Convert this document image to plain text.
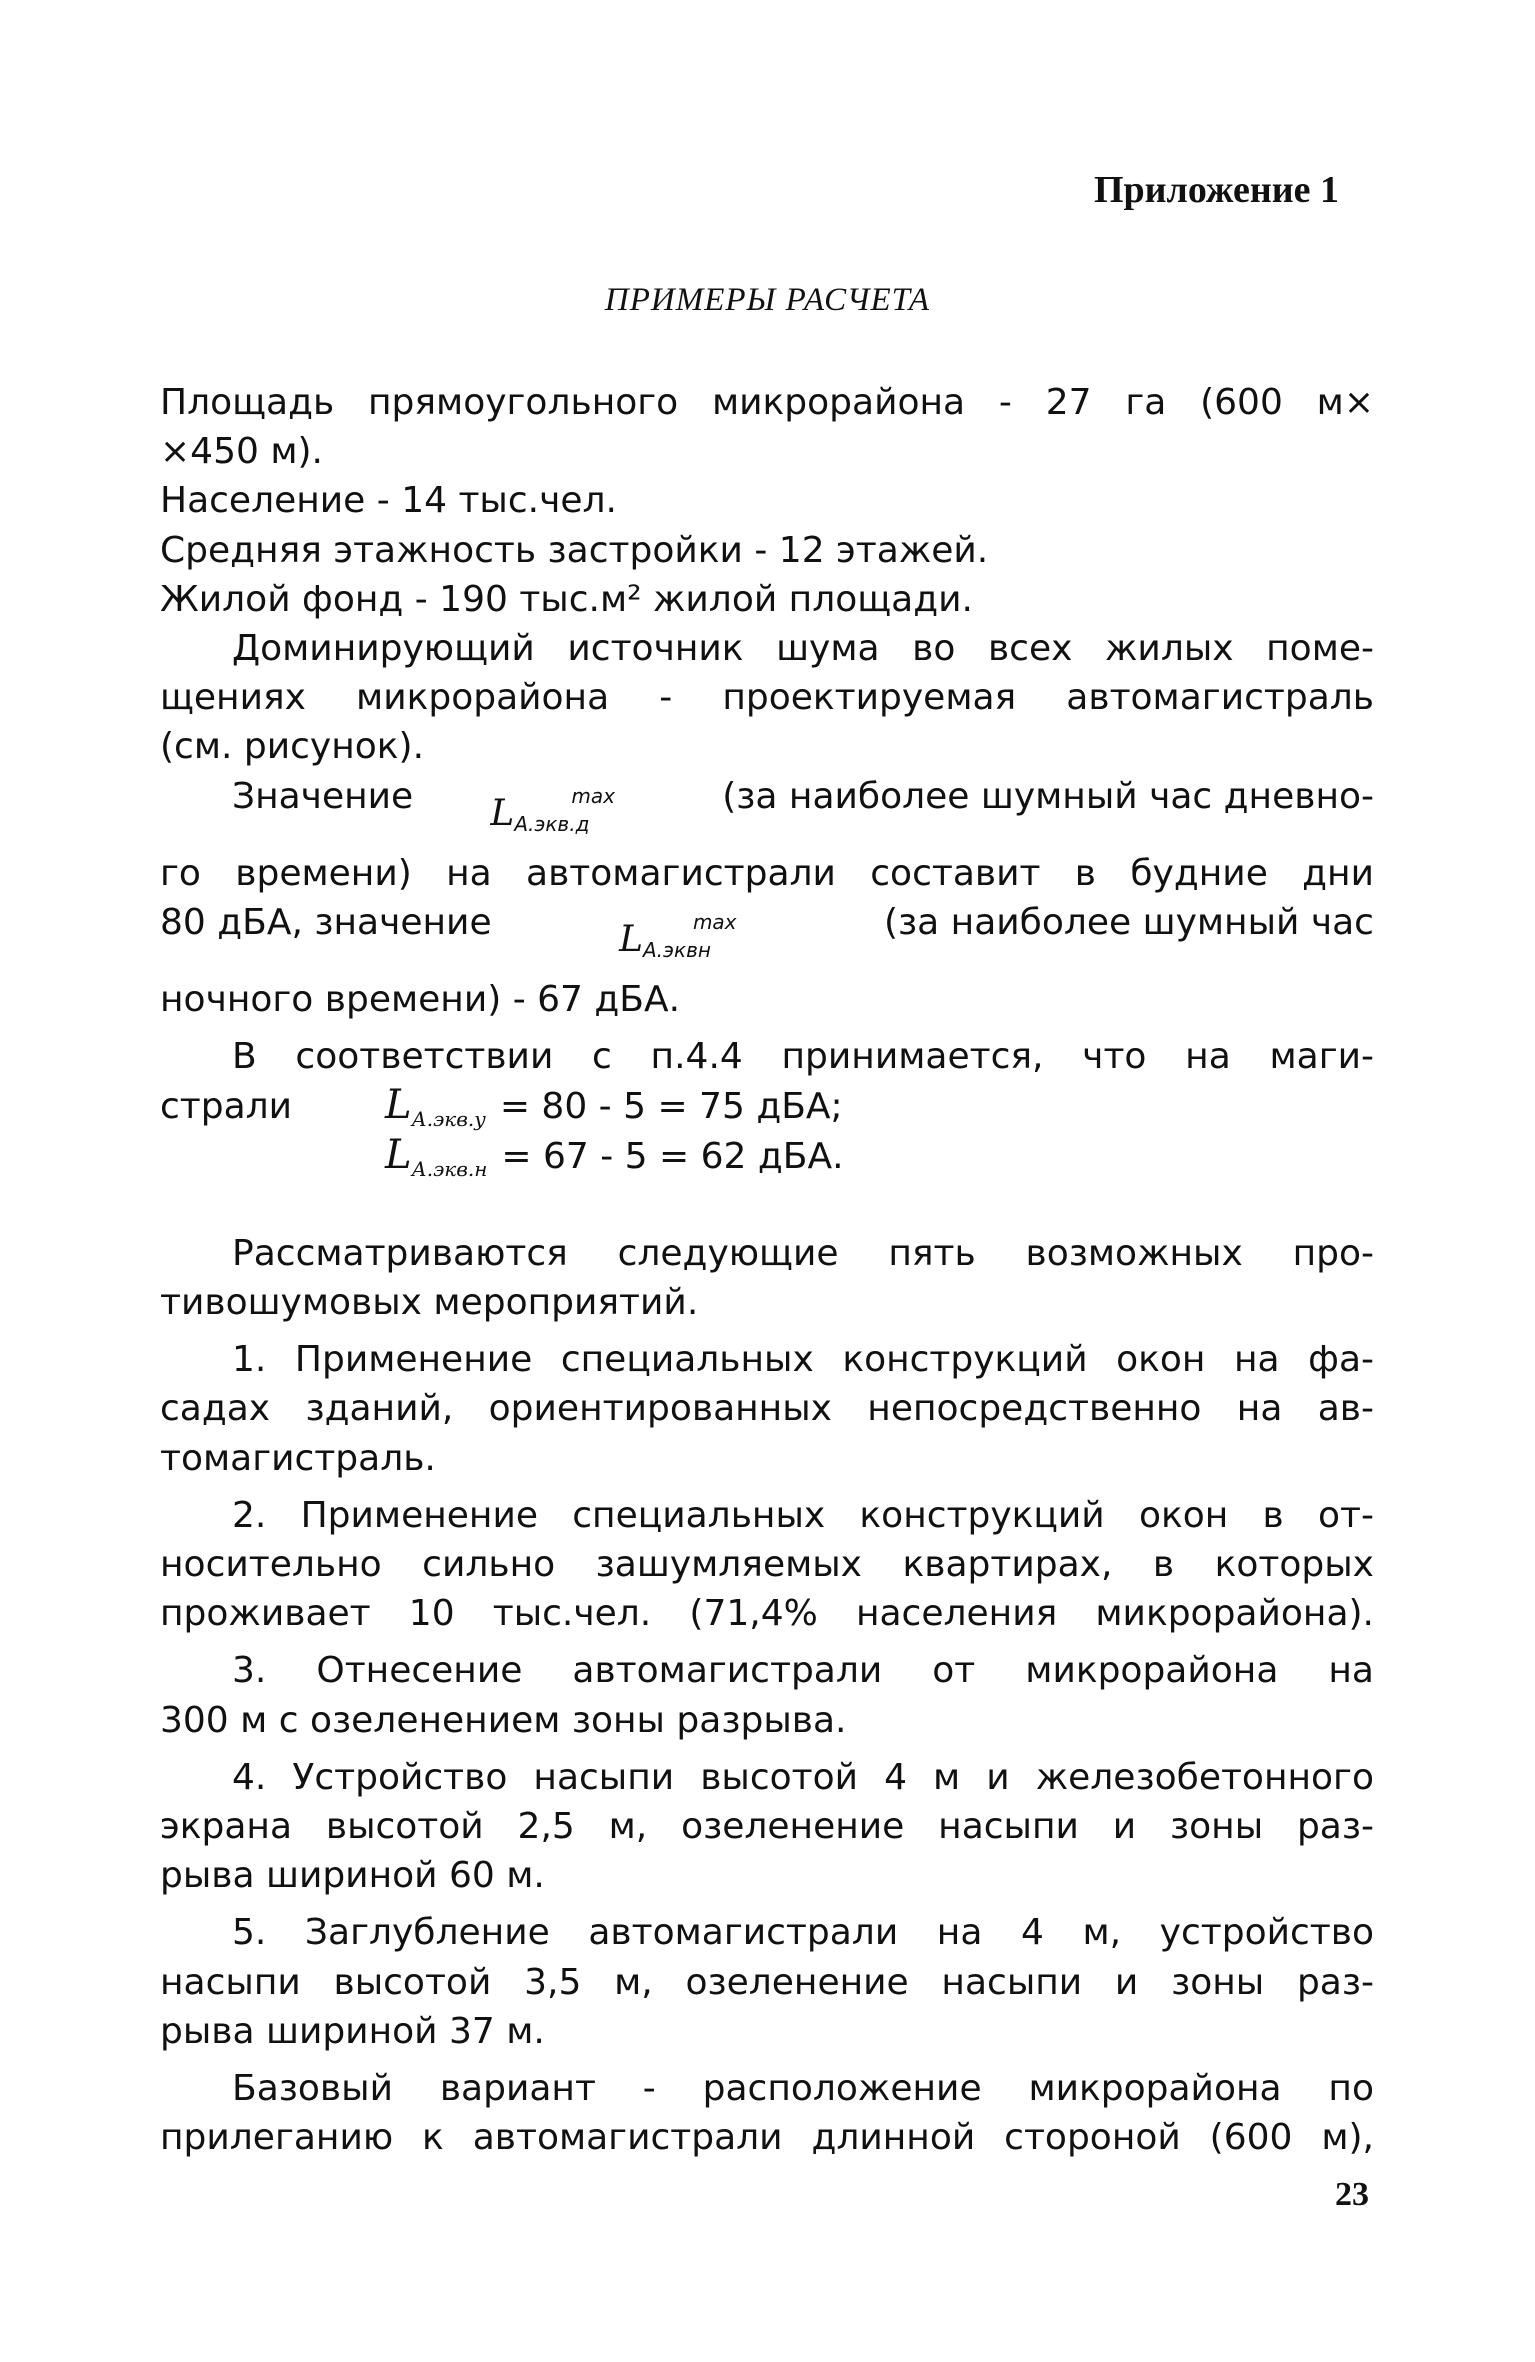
Приложение 1
ПРИМЕРЫ РАСЧЕТА

Площадь прямоугольного микрорайона - 27 га (600 м×

×450 м).

Население - 14 тыс.чел.

Средняя этажность застройки - 12 этажей.

Жилой фонд - 190 тыс.м² жилой площади.

Доминирующий источник шума во всех жилых поме-

щениях микрорайона - проектируемая автомагистраль

(см. рисунок).

Значение $LА.экв.д^{max}$	(за наиболее шумный час дневно-

го времени) на автомагистрали составит в будние дни

80 дБА, значение	LА.эквн$^{max}$	(за наиболее шумный час

ночного времени) - 67 дБА.

В соответствии с п.4.4 принимается, что на маги-

страли

Рассматриваются следующие пять возможных про-

тивошумовых мероприятий.

1. Применение специальных конструкций окон на фа-

садах зданий, ориентированных непосредственно на ав-

томагистраль.

2. Применение специальных конструкций окон в от-

носительно сильно зашумляемых квартирах, в которых

проживает 10 тыс.чел. (71,4% населения микрорайона).

3. Отнесение автомагистрали от микрорайона на

300 м с озеленением зоны разрыва.

4. Устройство насыпи высотой 4 м и железобетонного

экрана высотой 2,5 м, озеленение насыпи и зоны раз-

рыва шириной 60 м.

5. Заглубление автомагистрали на 4 м, устройство

насыпи высотой 3,5 м, озеленение насыпи и зоны раз-

рыва шириной 37 м.

Базовый вариант - расположение микрорайона по

прилеганию к автомагистрали длинной стороной (600 м),

$L_{А.экв.у} = 80 - 5 = 75$ дБА;
$L_{А.экв.н} = 67 - 5 = 62$ дБА.
23
